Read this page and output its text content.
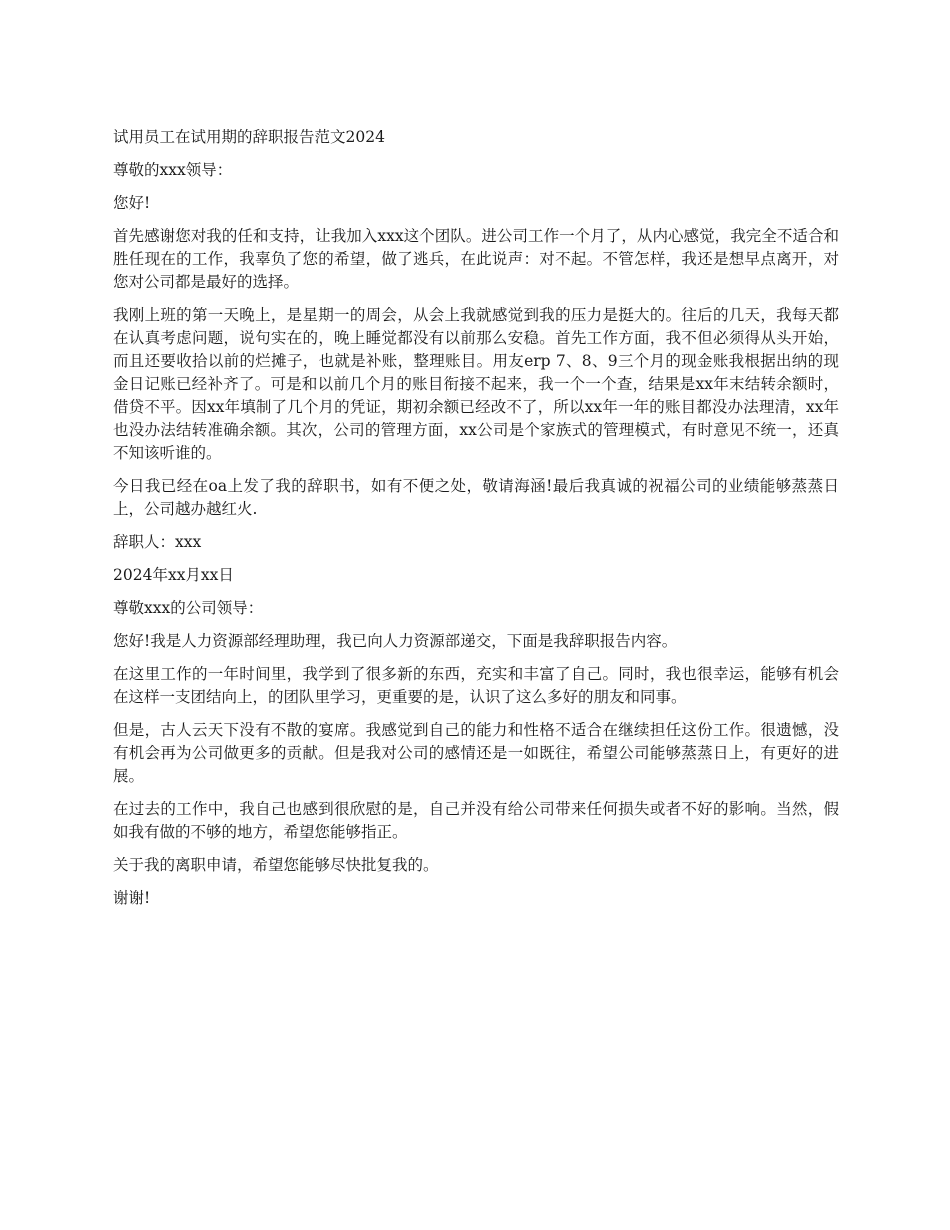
试用员工在试用期的辞职报告范文2024

尊敬的xxx领导：

您好!

首先感谢您对我的任和支持，让我加入xxx这个团队。进公司工作一个月了，从内心感觉，我完全不适合和胜任现在的工作，我辜负了您的希望，做了逃兵，在此说声：对不起。不管怎样，我还是想早点离开，对您对公司都是最好的选择。

我刚上班的第一天晚上，是星期一的周会，从会上我就感觉到我的压力是挺大的。往后的几天，我每天都在认真考虑问题，说句实在的，晚上睡觉都没有以前那么安稳。首先工作方面，我不但必须得从头开始，而且还要收拾以前的烂摊子，也就是补账，整理账目。用友erp 7、8、9三个月的现金账我根据出纳的现金日记账已经补齐了。可是和以前几个月的账目衔接不起来，我一个一个查，结果是xx年末结转余额时，借贷不平。因xx年填制了几个月的凭证，期初余额已经改不了，所以xx年一年的账目都没办法理清，xx年也没办法结转准确余额。其次，公司的管理方面，xx公司是个家族式的管理模式，有时意见不统一，还真不知该听谁的。

今日我已经在oa上发了我的辞职书，如有不便之处，敬请海涵!最后我真诚的祝福公司的业绩能够蒸蒸日上，公司越办越红火.

辞职人：xxx

2024年xx月xx日

尊敬xxx的公司领导：

您好!我是人力资源部经理助理，我已向人力资源部递交，下面是我辞职报告内容。

在这里工作的一年时间里，我学到了很多新的东西，充实和丰富了自己。同时，我也很幸运，能够有机会在这样一支团结向上，的团队里学习，更重要的是，认识了这么多好的朋友和同事。

但是，古人云天下没有不散的宴席。我感觉到自己的能力和性格不适合在继续担任这份工作。很遗憾，没有机会再为公司做更多的贡献。但是我对公司的感情还是一如既往，希望公司能够蒸蒸日上，有更好的进展。

在过去的工作中，我自己也感到很欣慰的是，自己并没有给公司带来任何损失或者不好的影响。当然，假如我有做的不够的地方，希望您能够指正。

关于我的离职申请，希望您能够尽快批复我的。

谢谢!
